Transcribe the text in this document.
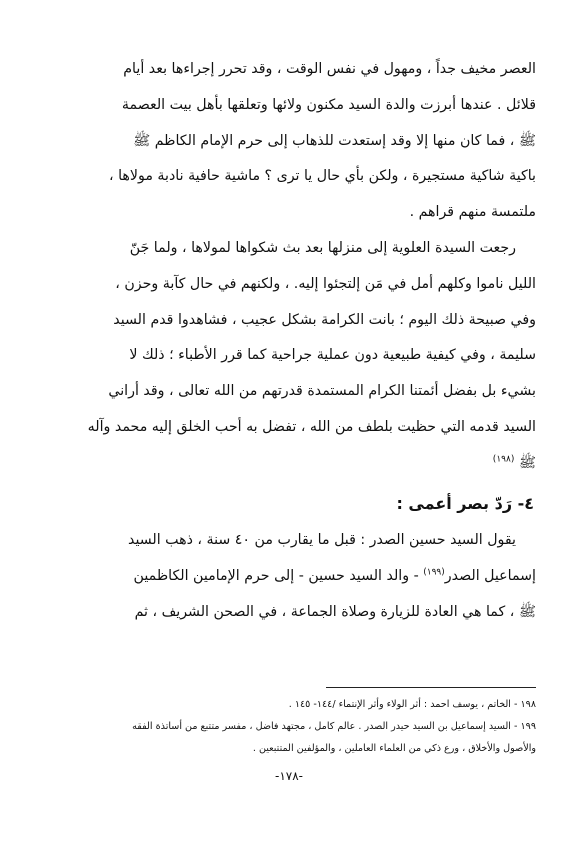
العصر مخيف جداً ، ومهول في نفس الوقت ، وقد تحرر إجراءها بعد أيام

قلائل . عندها أبرزت والدة السيد مكنون ولائها وتعلقها بأهل بيت العصمة

ﷺ ، فما كان منها إلا وقد إستعدت للذهاب إلى حرم الإمام الكاظم ﷺ

باكية شاكية مستجيرة ، ولكن بأي حال يا ترى ؟ ماشية حافية نادبة مولاها ،

ملتمسة منهم قراهم .

رجعت السيدة العلوية إلى منزلها بعد بث شكواها لمولاها ، ولما جَنّ

الليل ناموا وكلهم أمل في مَن إلتجئوا إليه. ، ولكنهم في حال كآبة وحزن ،

وفي صبيحة ذلك اليوم ؛ بانت الكرامة بشكل عجيب ، فشاهدوا قدم السيد

سليمة ، وفي كيفية طبيعية دون عملية جراحية كما قرر الأطباء ؛ ذلك لا

بشيء بل بفضل أئمتنا الكرام المستمدة قدرتهم من الله تعالى ، وقد أراني

السيد قدمه التي حظيت بلطف من الله ، تفضل به أحب الخلق إليه محمد وآله

ﷺ $^{(١٩٨)}$

٤- رَدّ بصر أعمى :

يقول السيد حسين الصدر : قبل ما يقارب من ٤٠ سنة ، ذهب السيد

إسماعيل الصدر$^{(١٩٩)}$ - والد السيد حسين - إلى حرم الإمامين الكاظمين

ﷺ ، كما هي العادة للزيارة وصلاة الجماعة ، في الصحن الشريف ، ثم

١٩٨ - الخاتم ، يوسف احمد : أثر الولاء وأثر الإنتماء /١٤٤- ١٤٥ .

١٩٩ - السيد إسماعيل بن السيد حيدر الصدر . عالم كامل ، مجتهد فاضل ، مفسر متتبع من أساتذة الفقه

والأصول والأخلاق ، ورع ذكي من العلماء العاملين ، والمؤلفين المتتبعين .

-١٧٨-
